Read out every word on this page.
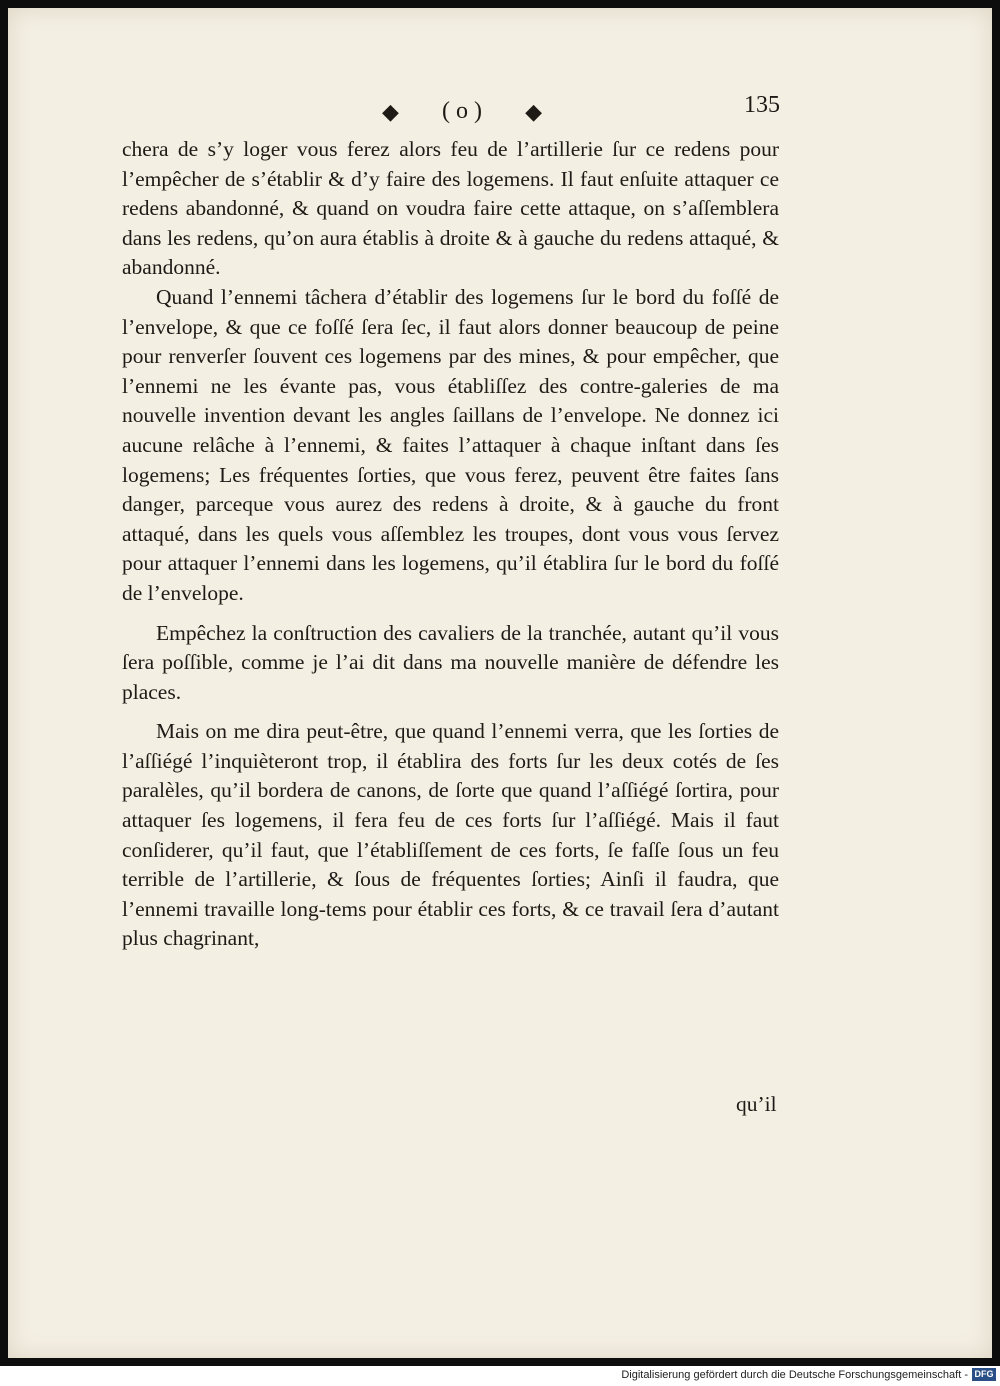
◆ ( o ) ◆	135

chera de s’y loger vous ferez alors feu de l’artillerie ſur ce redens pour l’empêcher de s’établir & d’y faire des logemens. Il faut enſuite attaquer ce redens abandonné, & quand on voudra faire cette attaque, on s’aſſemblera dans les redens, qu’on aura établis à droite & à gauche du redens attaqué, & abandonné.

Quand l’ennemi tâchera d’établir des logemens ſur le bord du foſſé de l’envelope, & que ce foſſé ſera ſec, il faut alors donner beaucoup de peine pour renverſer ſouvent ces logemens par des mines, & pour empêcher, que l’ennemi ne les évante pas, vous établiſſez des contre-galeries de ma nouvelle invention devant les angles ſaillans de l’envelope. Ne donnez ici aucune relâche à l’ennemi, & faites l’attaquer à chaque inſtant dans ſes logemens; Les fréquentes ſorties, que vous ferez, peuvent être faites ſans danger, parceque vous aurez des redens à droite, & à gauche du front attaqué, dans les quels vous aſſemblez les troupes, dont vous vous ſervez pour attaquer l’ennemi dans les logemens, qu’il établira ſur le bord du foſſé de l’envelope.

Empêchez la conſtruction des cavaliers de la tranchée, autant qu’il vous ſera poſſible, comme je l’ai dit dans ma nouvelle manière de défendre les places.

Mais on me dira peut-être, que quand l’ennemi verra, que les ſorties de l’aſſiégé l’inquièteront trop, il établira des forts ſur les deux cotés de ſes paralèles, qu’il bordera de canons, de ſorte que quand l’aſſiégé ſortira, pour attaquer ſes logemens, il fera feu de ces forts ſur l’aſſiégé. Mais il faut conſiderer, qu’il faut, que l’établiſſement de ces forts, ſe faſſe ſous un feu terrible de l’artillerie, & ſous de fréquentes ſorties; Ainſi il faudra, que l’ennemi travaille long-tems pour établir ces forts, & ce travail ſera d’autant plus chagrinant,

qu’il
Digitalisierung gefördert durch die Deutsche Forschungsgemeinschaft - DFG
